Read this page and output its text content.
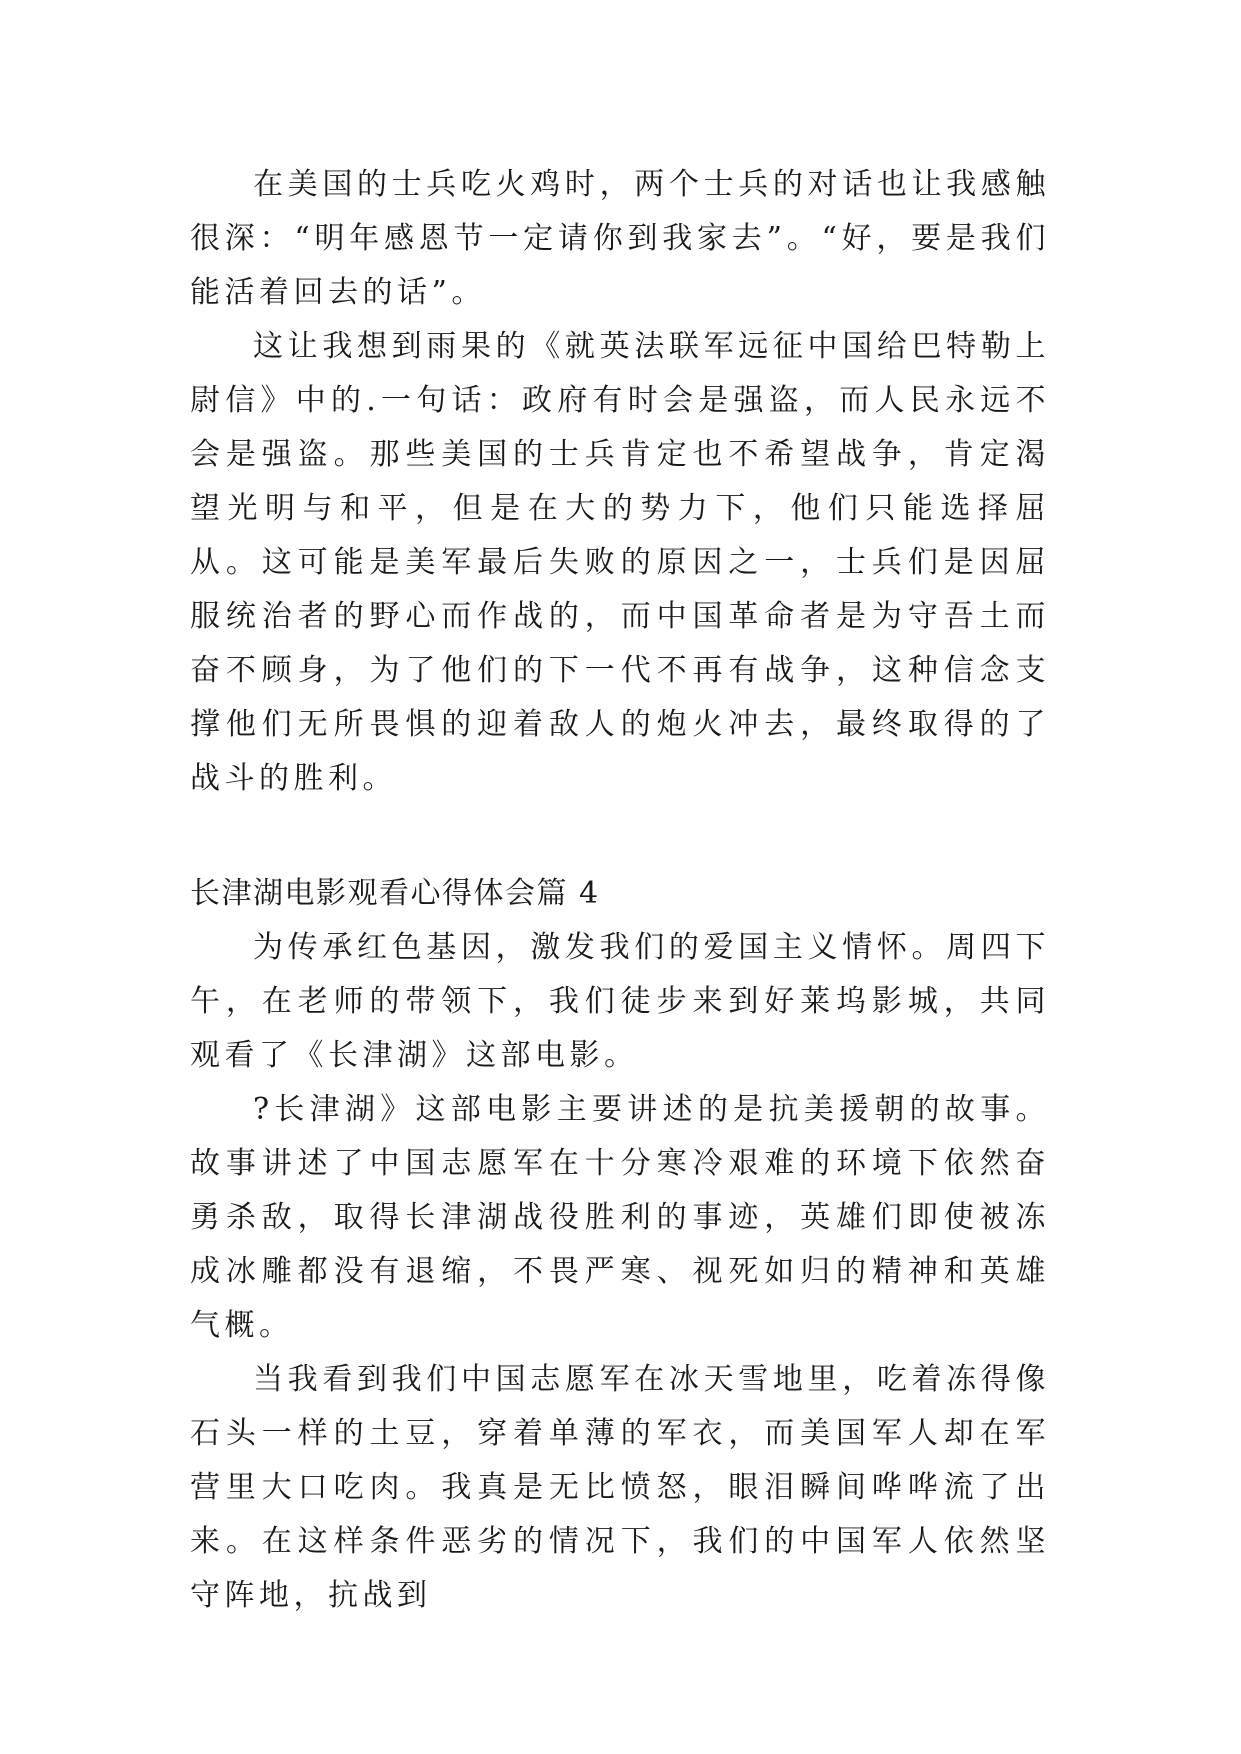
在美国的士兵吃火鸡时，两个士兵的对话也让我感触很深：“明年感恩节一定请你到我家去”。“好，要是我们能活着回去的话”。

这让我想到雨果的《就英法联军远征中国给巴特勒上尉信》中的.一句话：政府有时会是强盗，而人民永远不会是强盗。那些美国的士兵肯定也不希望战争，肯定渴望光明与和平，但是在大的势力下，他们只能选择屈从。这可能是美军最后失败的原因之一，士兵们是因屈服统治者的野心而作战的，而中国革命者是为守吾土而奋不顾身，为了他们的下一代不再有战争，这种信念支撑他们无所畏惧的迎着敌人的炮火冲去，最终取得的了战斗的胜利。

长津湖电影观看心得体会篇 4

为传承红色基因，激发我们的爱国主义情怀。周四下午，在老师的带领下，我们徒步来到好莱坞影城，共同观看了《长津湖》这部电影。

?长津湖》这部电影主要讲述的是抗美援朝的故事。故事讲述了中国志愿军在十分寒冷艰难的环境下依然奋勇杀敌，取得长津湖战役胜利的事迹，英雄们即使被冻成冰雕都没有退缩，不畏严寒、视死如归的精神和英雄气概。

当我看到我们中国志愿军在冰天雪地里，吃着冻得像石头一样的土豆，穿着单薄的军衣，而美国军人却在军营里大口吃肉。我真是无比愤怒，眼泪瞬间哗哗流了出来。在这样条件恶劣的情况下，我们的中国军人依然坚守阵地，抗战到
